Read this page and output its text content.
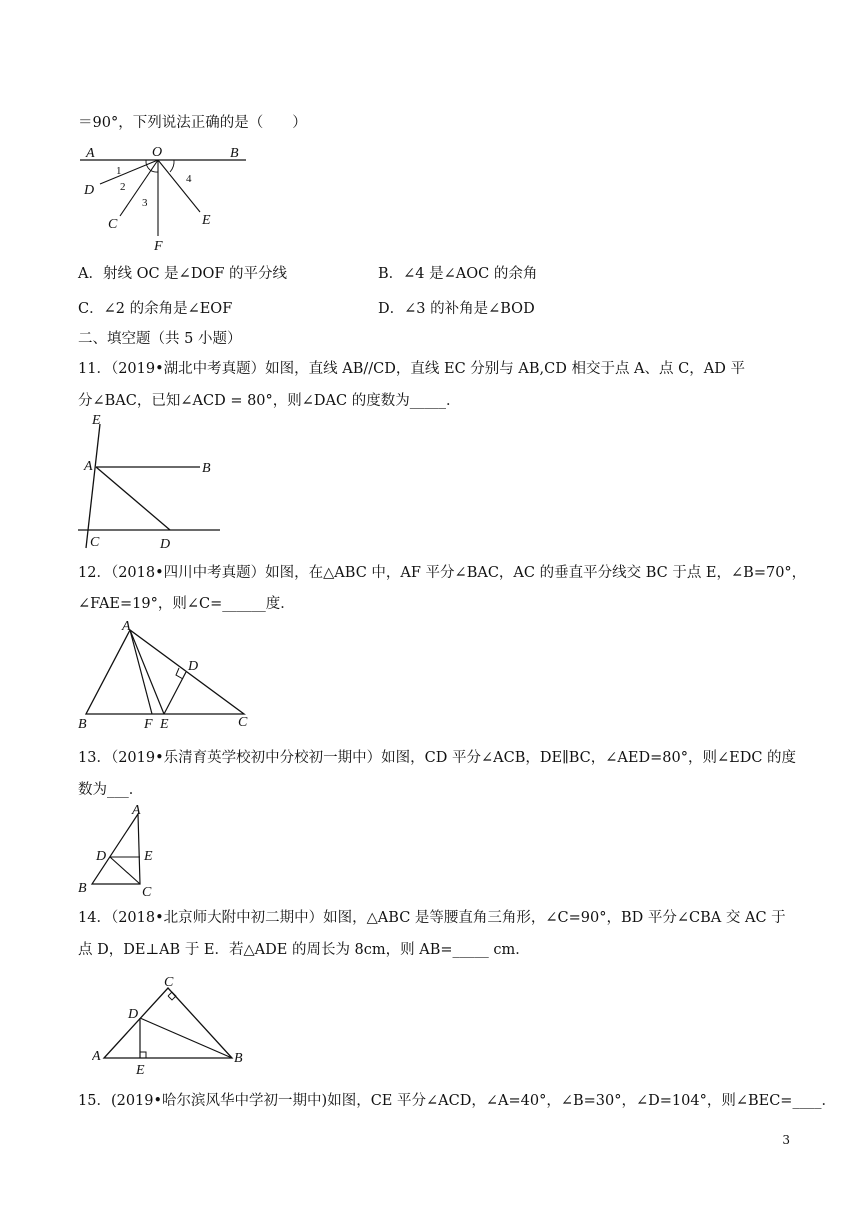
＝90°，下列说法正确的是（　　）
A	O	B
D
C
F
E
1
2
3
4
A．射线 OC 是∠DOF 的平分线	B．∠4 是∠AOC 的余角
C．∠2 的余角是∠EOF	D．∠3 的补角是∠BOD
二、填空题（共 5 小题）
11．（2019•湖北中考真题）如图，直线 AB//CD，直线 EC 分别与 AB,CD 相交于点 A、点 C，AD 平
分∠BAC，已知∠ACD = 80°，则∠DAC 的度数为_____．
E
A	B
C	D
12．（2018•四川中考真题）如图，在△ABC 中，AF 平分∠BAC，AC 的垂直平分线交 BC 于点 E，∠B=70°，
∠FAE=19°，则∠C=______度．
A
D
B	F E	C
13．（2019•乐清育英学校初中分校初一期中）如图，CD 平分∠ACB，DE∥BC，∠AED=80°，则∠EDC 的度
数为___．
A
D	E
B	C
14．（2018•北京师大附中初二期中）如图，△ABC 是等腰直角三角形，∠C=90°，BD 平分∠CBA 交 AC 于
点 D，DE⊥AB 于 E．若△ADE 的周长为 8cm，则 AB=_____ cm．
C
D
A
E
B
15．(2019•哈尔滨风华中学初一期中)如图，CE 平分∠ACD，∠A=40°，∠B=30°，∠D=104°，则∠BEC=____．
3
